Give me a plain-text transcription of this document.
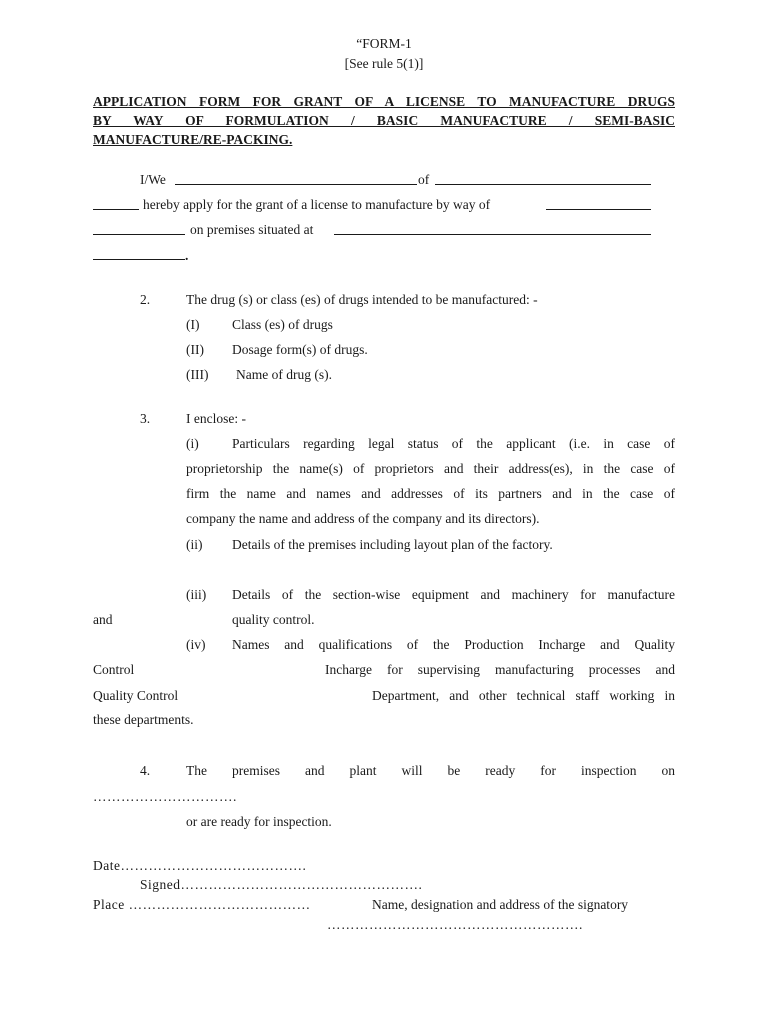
“FORM-1
[See rule 5(1)]
APPLICATION FORM FOR GRANT OF A LICENSE TO MANUFACTURE DRUGS
BY WAY OF FORMULATION / BASIC MANUFACTURE / SEMI-BASIC
MANUFACTURE/RE-PACKING.
I/We	of
hereby apply for the grant of a license to manufacture by way of
on premises situated at
.
2.	The drug (s) or class (es) of drugs intended to be manufactured: -
(I) Class (es) of drugs
(II) Dosage form(s) of drugs.
(III) Name of drug (s).
3.	I enclose: -
(i) Particulars regarding legal status of the applicant (i.e. in case of
proprietorship the name(s) of proprietors and their address(es), in the case of
firm the name and names and addresses of its partners and in the case of
company the name and address of the company and its directors).
(ii) Details of the premises including layout plan of the factory.
(iii) Details of the section-wise equipment and machinery for manufacture
and	quality control.
(iv) Names and qualifications of the Production Incharge and Quality
Control	Incharge for supervising manufacturing processes and
Quality Control	Department, and other technical staff working in
these departments.
4.	The premises and plant will be ready for inspection on
………………………….
or are ready for inspection.
Date………………………………….
Signed…………………………………………….
Place …………………………………	Name, designation and address of the signatory
……………………………………………….
